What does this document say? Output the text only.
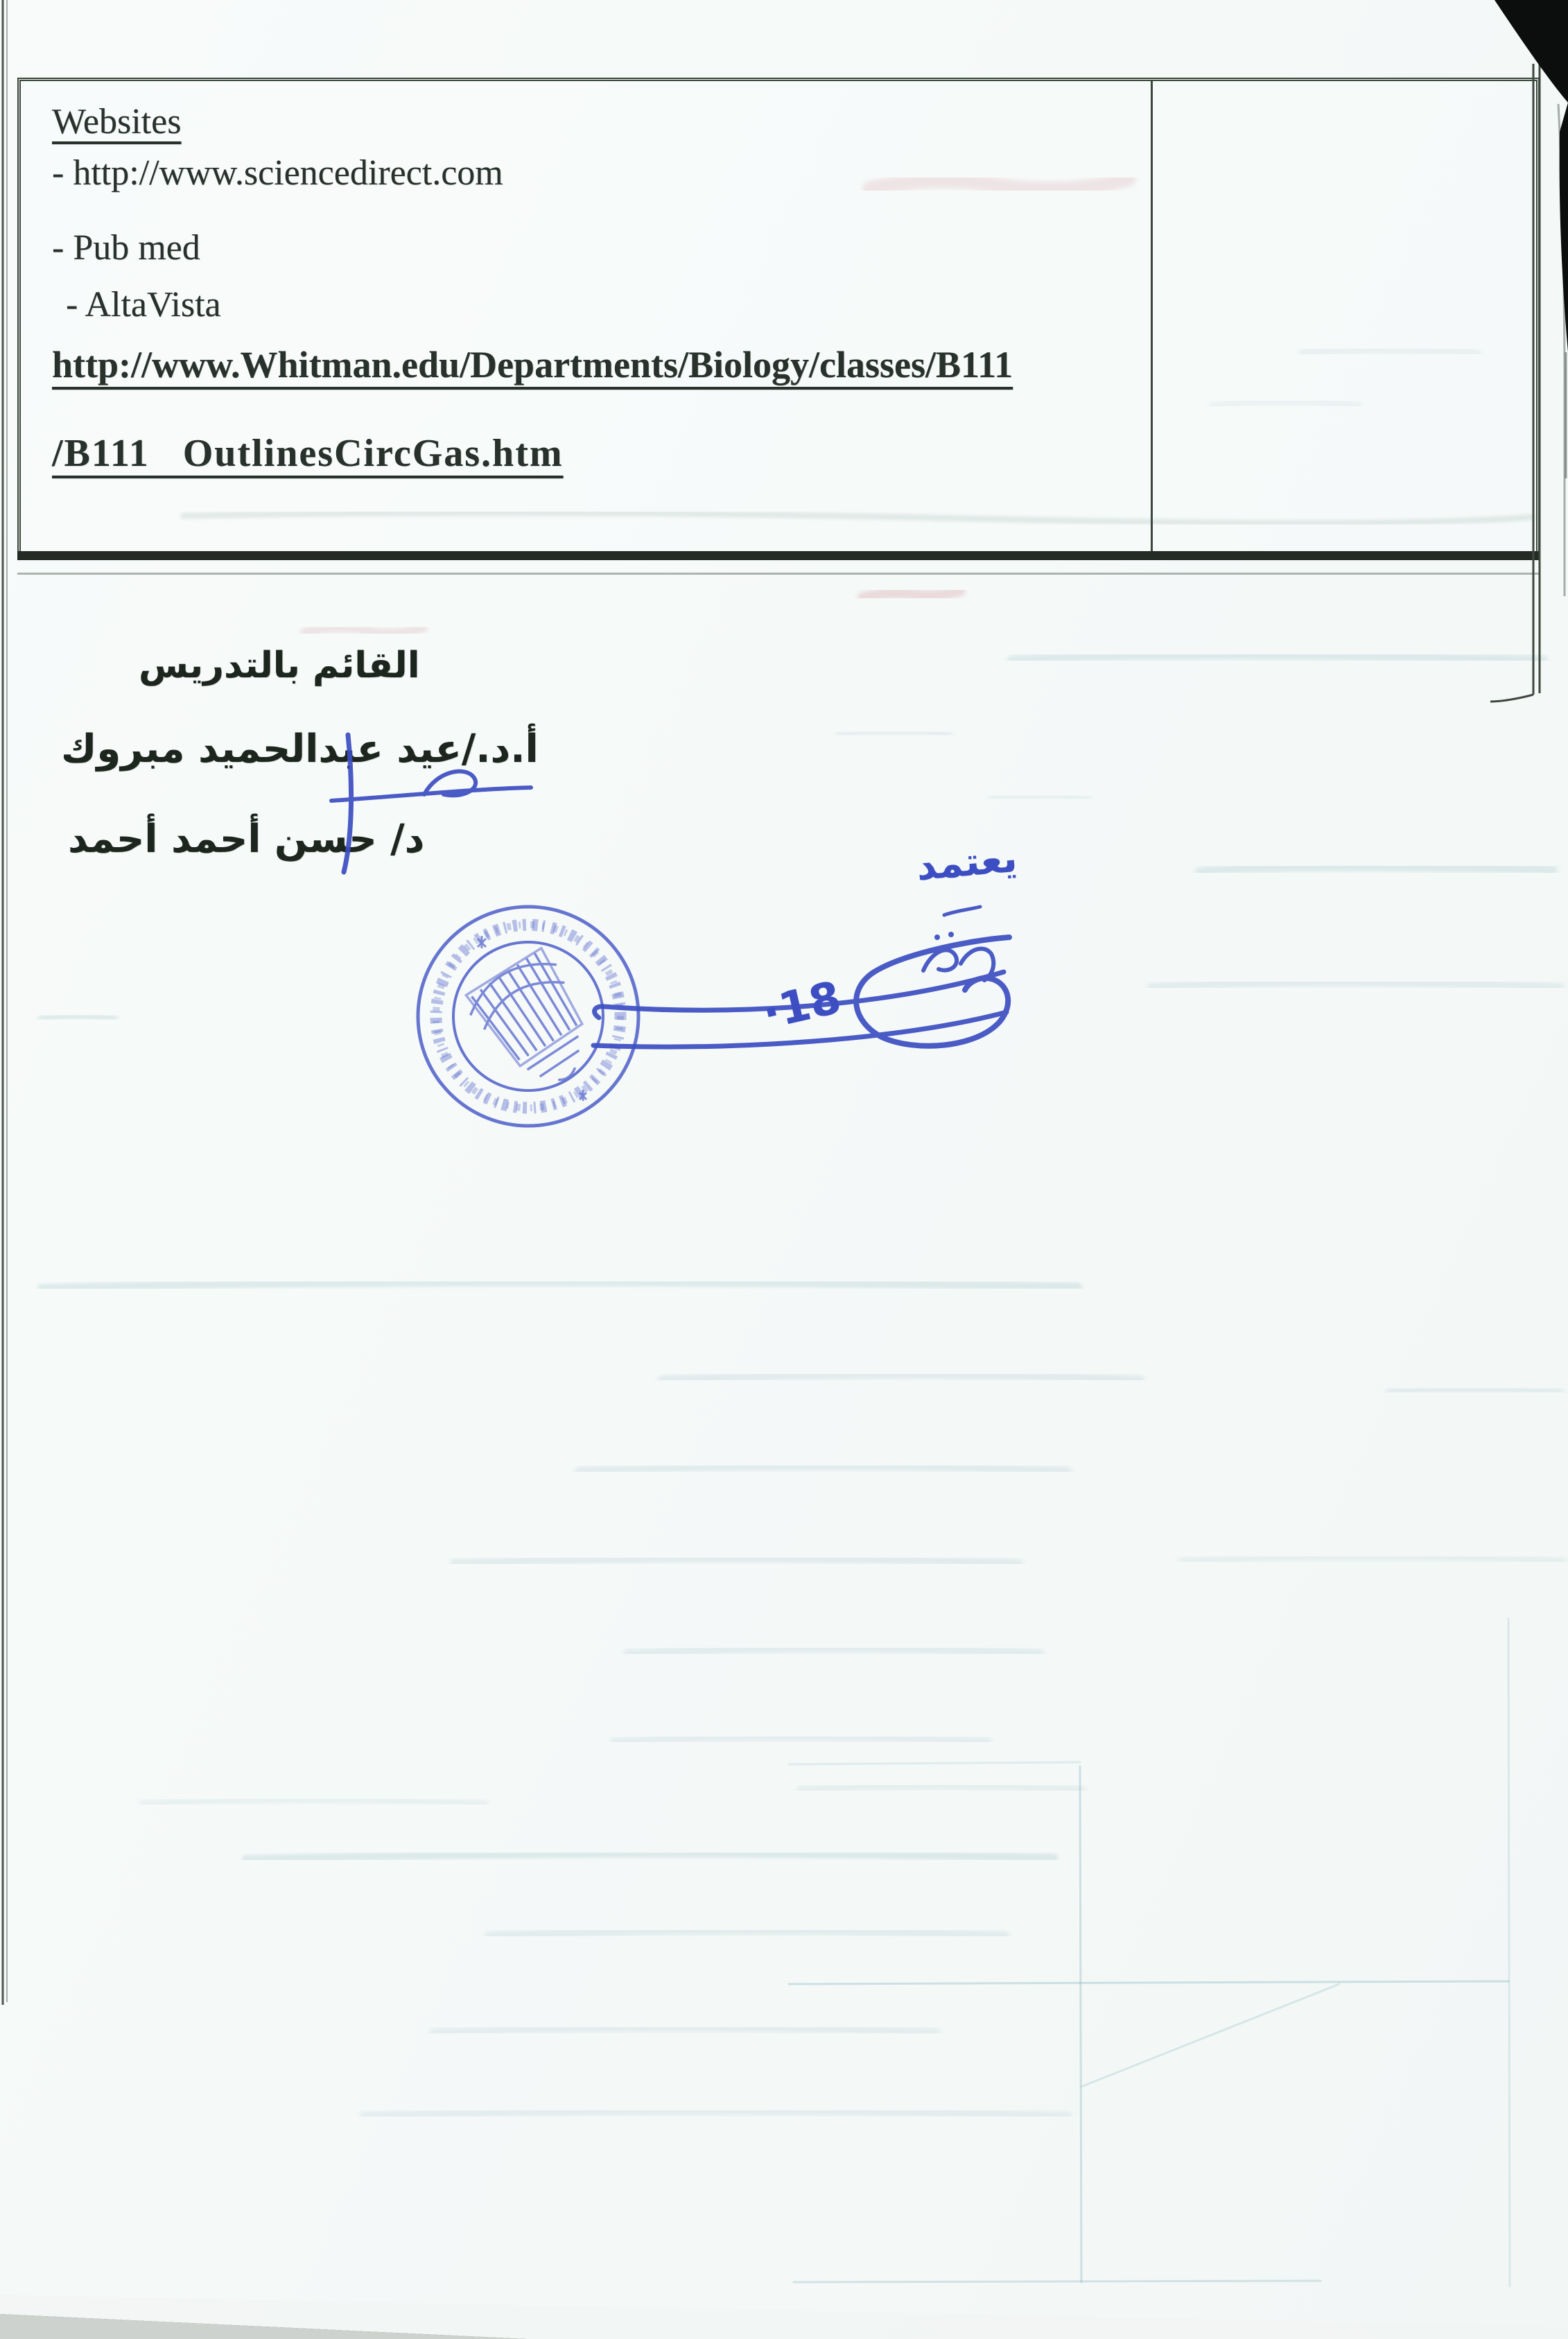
Websites
- http://www.sciencedirect.com
- Pub med
- AltaVista
http://www.Whitman.edu/Departments/Biology/classes/B111
/B111   OutlinesCircGas.htm
القائم بالتدريس
أ.د./عيد عبدالحميد مبروك
د/ حسن أحمد أحمد	يعتمد
·18
